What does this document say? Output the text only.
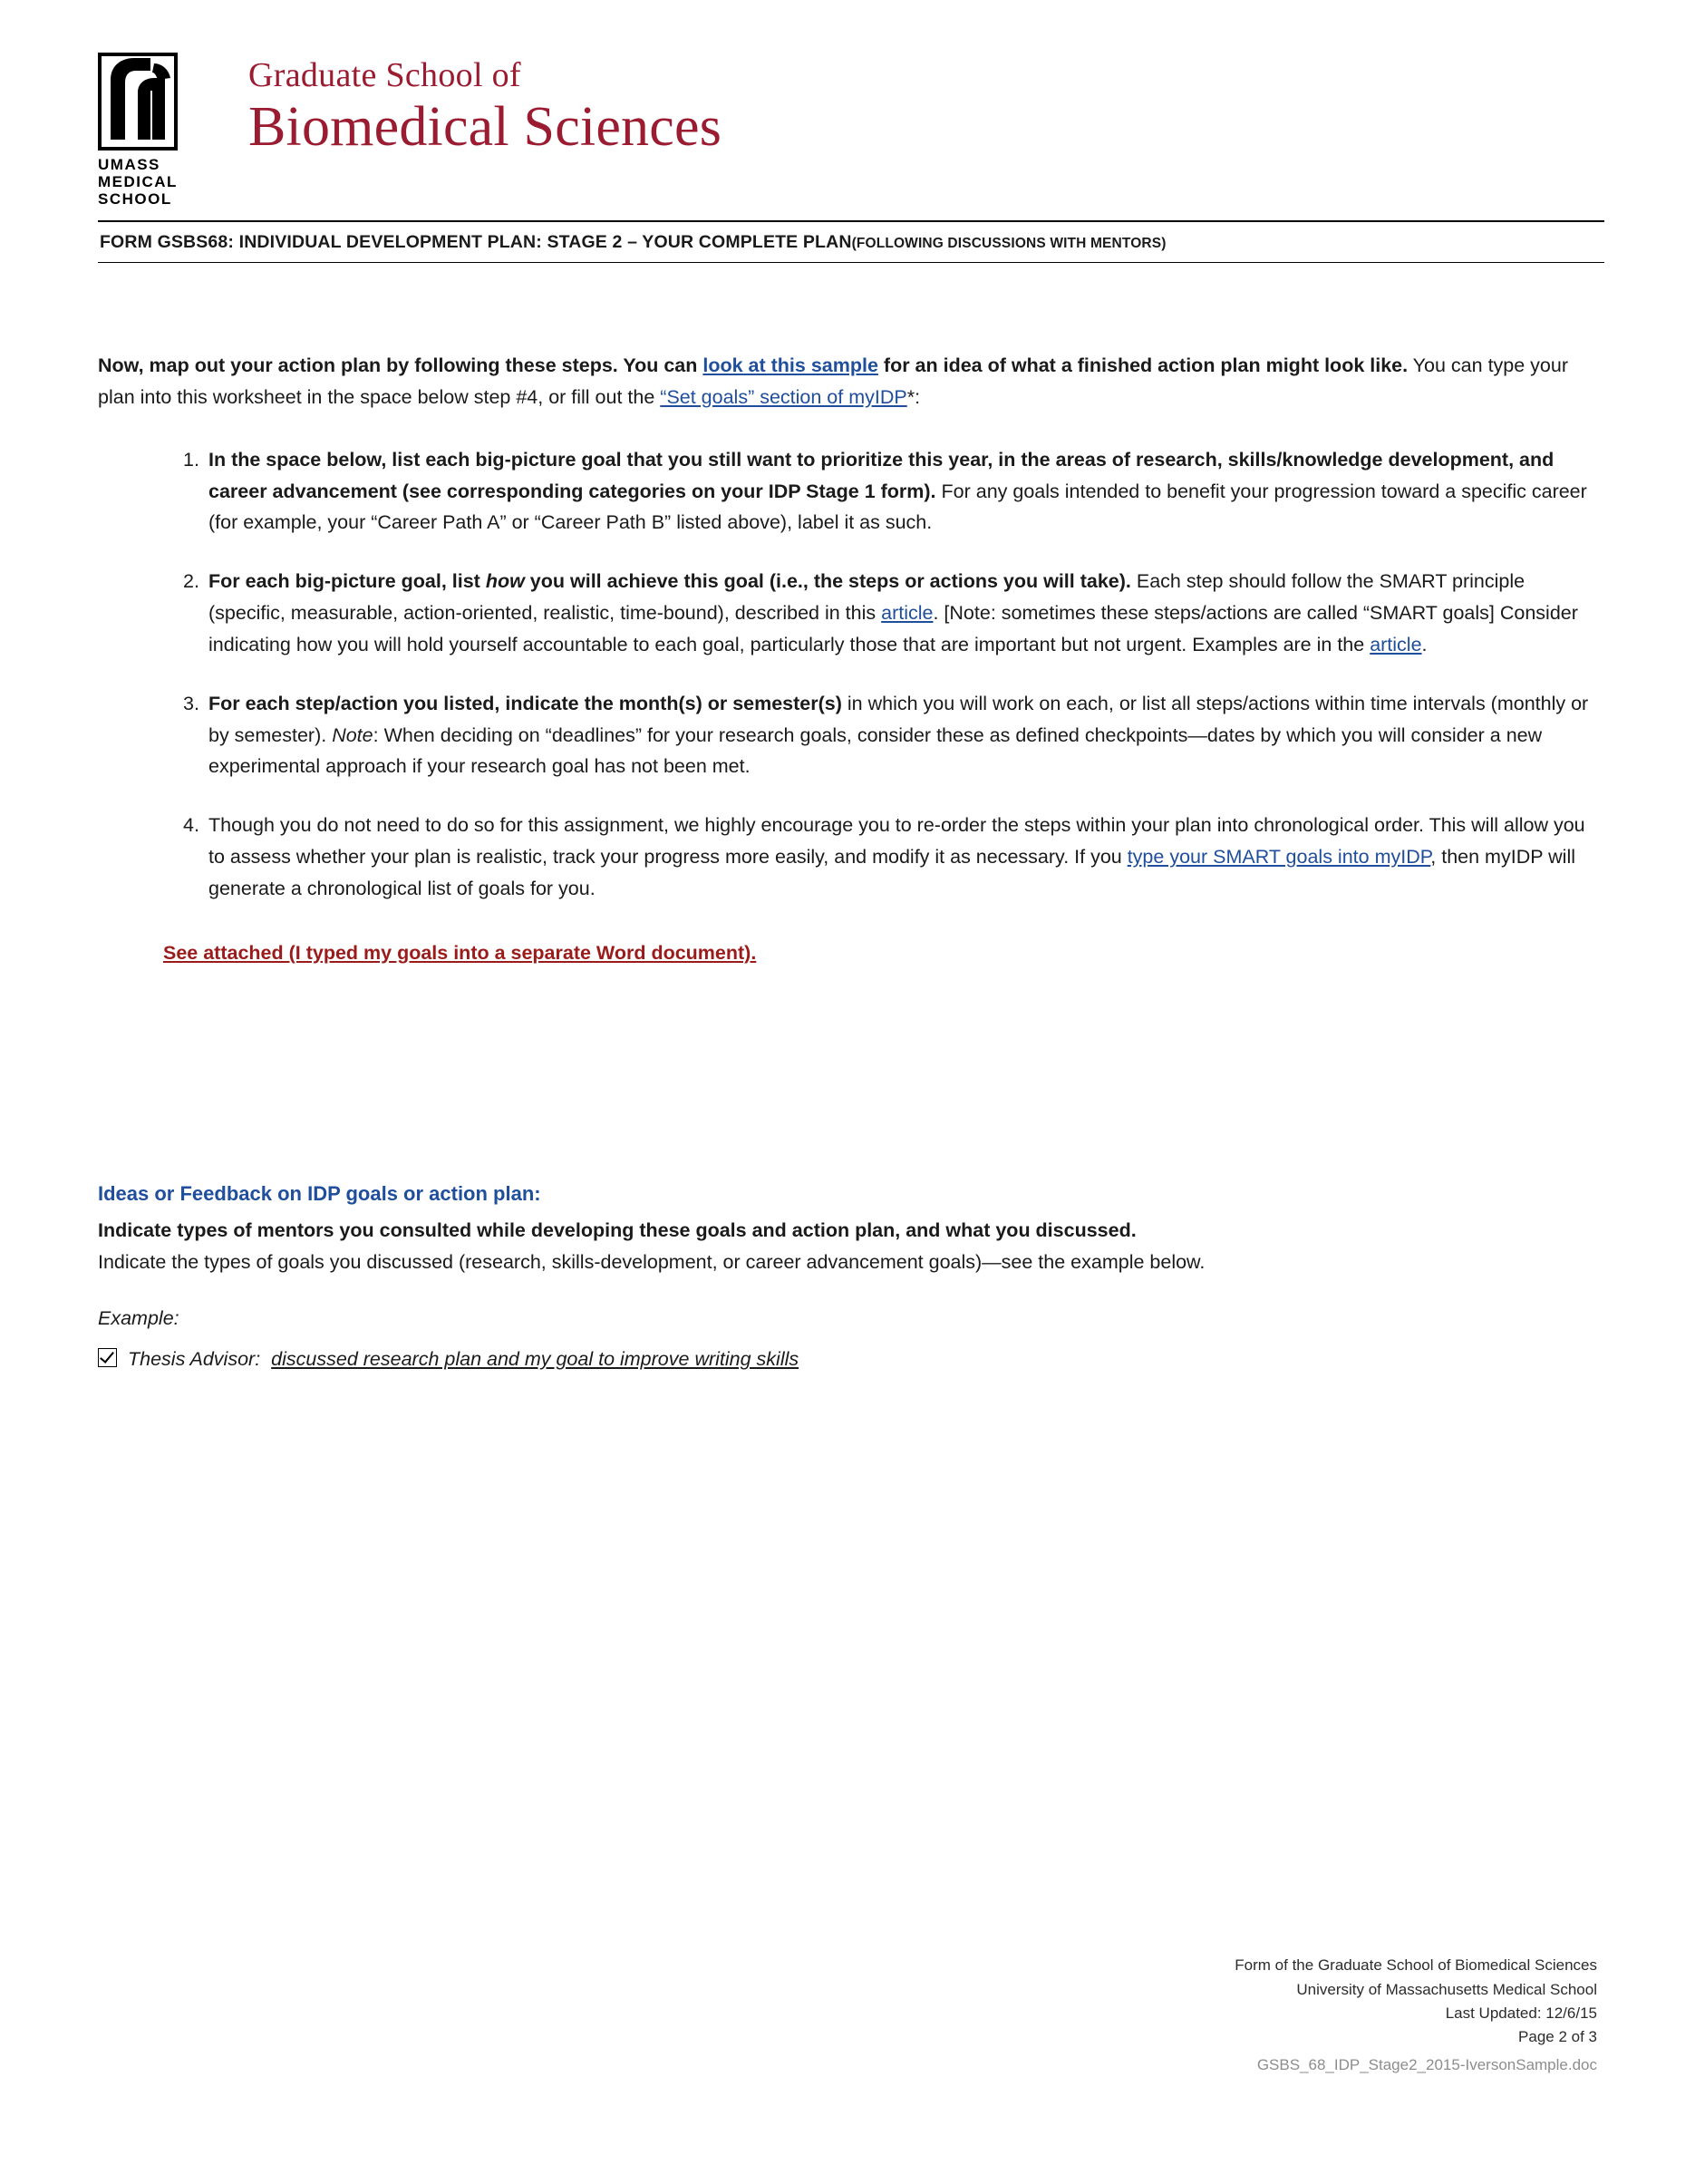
UMASS
MEDICAL
SCHOOL
Graduate School of
Biomedical Sciences
FORM GSBS68: INDIVIDUAL DEVELOPMENT PLAN: STAGE 2 – YOUR COMPLETE PLAN(FOLLOWING DISCUSSIONS WITH MENTORS)
Now, map out your action plan by following these steps. You can look at this sample for an idea of what a finished action plan might look like. You can type your plan into this worksheet in the space below step #4, or fill out the “Set goals” section of myIDP*:
In the space below, list each big-picture goal that you still want to prioritize this year, in the areas of research, skills/knowledge development, and career advancement (see corresponding categories on your IDP Stage 1 form). For any goals intended to benefit your progression toward a specific career (for example, your “Career Path A” or “Career Path B” listed above), label it as such.
For each big-picture goal, list how you will achieve this goal (i.e., the steps or actions you will take). Each step should follow the SMART principle (specific, measurable, action-oriented, realistic, time-bound), described in this article. [Note: sometimes these steps/actions are called “SMART goals] Consider indicating how you will hold yourself accountable to each goal, particularly those that are important but not urgent. Examples are in the article.
For each step/action you listed, indicate the month(s) or semester(s) in which you will work on each, or list all steps/actions within time intervals (monthly or by semester). Note: When deciding on “deadlines” for your research goals, consider these as defined checkpoints—dates by which you will consider a new experimental approach if your research goal has not been met.
Though you do not need to do so for this assignment, we highly encourage you to re-order the steps within your plan into chronological order. This will allow you to assess whether your plan is realistic, track your progress more easily, and modify it as necessary. If you type your SMART goals into myIDP, then myIDP will generate a chronological list of goals for you.
See attached (I typed my goals into a separate Word document).
Ideas or Feedback on IDP goals or action plan:
Indicate types of mentors you consulted while developing these goals and action plan, and what you discussed.
Indicate the types of goals you discussed (research, skills-development, or career advancement goals)—see the example below.
Example:
Thesis Advisor: discussed research plan and my goal to improve writing skills
Form of the Graduate School of Biomedical Sciences
University of Massachusetts Medical School
Last Updated: 12/6/15
Page 2 of 3
GSBS_68_IDP_Stage2_2015-IversonSample.doc
